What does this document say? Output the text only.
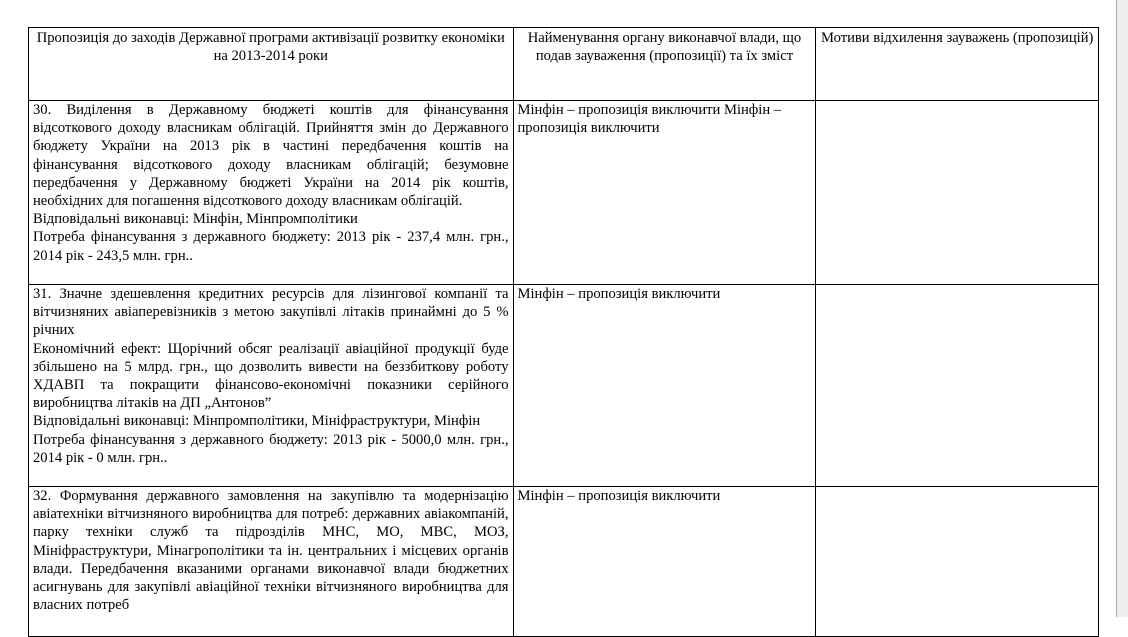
Пропозиція до заходів Державної програми активізації розвитку економіки на 2013-2014 роки	Найменування органу виконавчої влади, що подав зауваження (пропозиції) та їх зміст	Мотиви відхилення зауважень (пропозицій)

30. Виділення в Державному бюджеті коштів для фінансування відсоткового доходу власникам облігацій. Прийняття змін до Державного бюджету України на 2013 рік в частині передбачення коштів на фінансування відсоткового доходу власникам облігацій; безумовне передбачення у Державному бюджеті України на 2014 рік коштів, необхідних для погашення відсоткового доходу власникам облігацій.

Відповідальні виконавці: Мінфін, Мінпромполітики

Потреба фінансування з державного бюджету: 2013 рік - 237,4 млн. грн., 2014 рік - 243,5 млн. грн..	Мінфін – пропозиція виключити Мінфін – пропозиція виключити	

31. Значне здешевлення кредитних ресурсів для лізингової компанії та вітчизняних авіаперевізників з метою закупівлі літаків принаймні до 5 % річних

Економічний ефект: Щорічний обсяг реалізації авіаційної продукції буде збільшено на 5 млрд. грн., що дозволить вивести на беззбиткову роботу ХДАВП та покращити фінансово-економічні показники серійного виробництва літаків на ДП „Антонов”

Відповідальні виконавці: Мінпромполітики, Мініфраструктури, Мінфін

Потреба фінансування з державного бюджету: 2013 рік - 5000,0 млн. грн., 2014 рік - 0 млн. грн..	Мінфін – пропозиція виключити	

32. Формування державного замовлення на закупівлю та модернізацію авіатехніки вітчизняного виробництва для потреб: державних авіакомпаній, парку техніки служб та підрозділів МНС, МО, МВС, МОЗ, Мініфраструктури, Мінагрополітики та ін. центральних і місцевих органів влади. Передбачення вказаними органами виконавчої влади бюджетних асигнувань для закупівлі авіаційної техніки вітчизняного виробництва для власних потреб	Мінфін – пропозиція виключити	
